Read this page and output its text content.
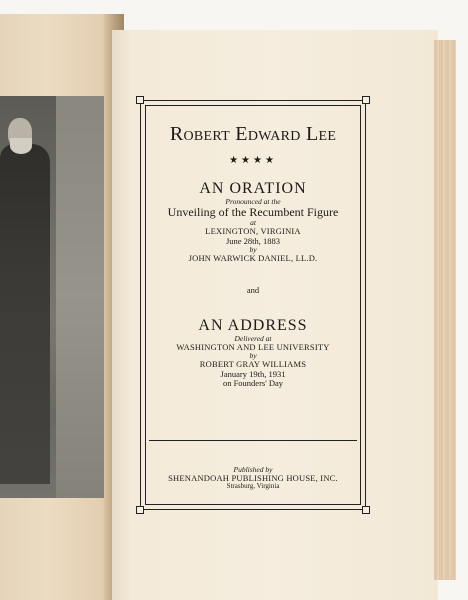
Robert Edward Lee
★★★★
AN ORATION
Pronounced at the
Unveiling of the Recumbent Figure
at
LEXINGTON, VIRGINIA
June 28th, 1883
by
JOHN WARWICK DANIEL, LL.D.
and
AN ADDRESS
Delivered at
WASHINGTON AND LEE UNIVERSITY
by
ROBERT GRAY WILLIAMS
January 19th, 1931
on Founders' Day
Published by
SHENANDOAH PUBLISHING HOUSE, INC.
Strasburg, Virginia
